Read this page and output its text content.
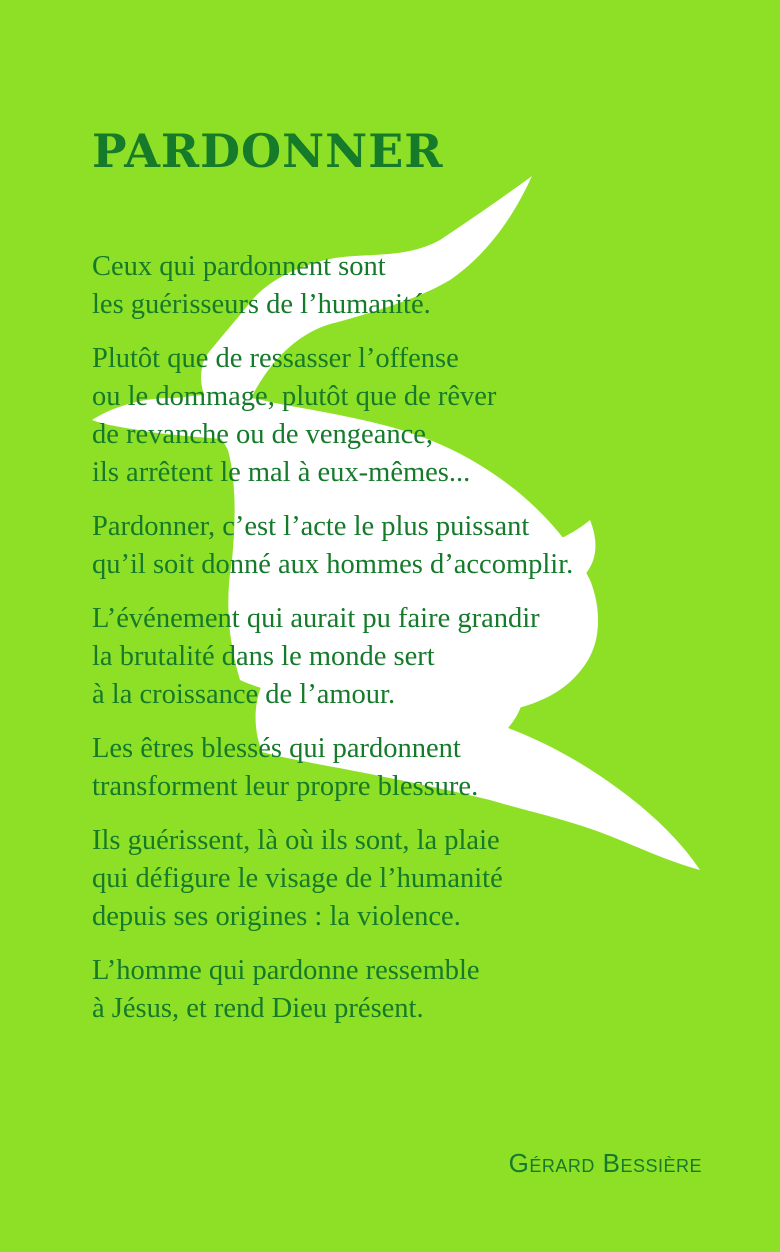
PARDONNER

Ceux qui pardonnent sont
les guérisseurs de l’humanité.

Plutôt que de ressasser l’offense
ou le dommage, plutôt que de rêver
de revanche ou de vengeance,
ils arrêtent le mal à eux-mêmes...

Pardonner, c’est l’acte le plus puissant
qu’il soit donné aux hommes d’accomplir.

L’événement qui aurait pu faire grandir
la brutalité dans le monde sert
à la croissance de l’amour.

Les êtres blessés qui pardonnent
transforment leur propre blessure.

Ils guérissent, là où ils sont, la plaie
qui défigure le visage de l’humanité
depuis ses origines : la violence.

L’homme qui pardonne ressemble
à Jésus, et rend Dieu présent.

Gérard Bessière
